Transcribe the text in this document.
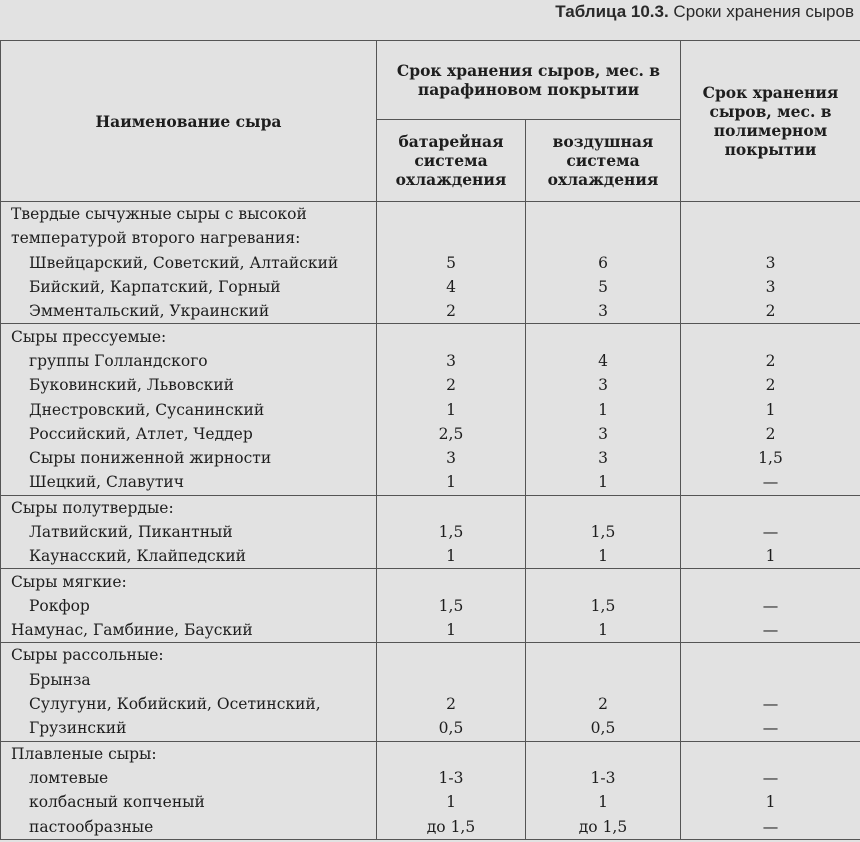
Таблица 10.3. Сроки хранения сыров
Наименование сыра	Срок хранения сыров, мес. в парафиновом покрытии		Срок хранения сыров, мес. в полимерном покрытии
	батарейная система охлаждения	воздушная система охлаждения	
Твердые сычужные сыры с высокой			
температурой второго нагревания:			
Швейцарский, Советский, Алтайский	5	6	3
Бийский, Карпатский, Горный	4	5	3
Эмментальский, Украинский	2	3	2
Сыры прессуемые:			
группы Голландского	3	4	2
Буковинский, Львовский	2	3	2
Днестровский, Сусанинский	1	1	1
Российский, Атлет, Чеддер	2,5	3	2
Сыры пониженной жирности	3	3	1,5
Шецкий, Славутич	1	1	—
Сыры полутвердые:			
Латвийский, Пикантный	1,5	1,5	—
Каунасский, Клайпедский	1	1	1
Сыры мягкие:			
Рокфор	1,5	1,5	—
Намунас, Гамбиние, Бауский	1	1	—
Сыры рассольные:			
Брынза			
Сулугуни, Кобийский, Осетинский,	2	2	—
Грузинский	0,5	0,5	—
Плавленые сыры:			
ломтевые	1-3	1-3	—
колбасный копченый	1	1	1
пастообразные	до 1,5	до 1,5	—
